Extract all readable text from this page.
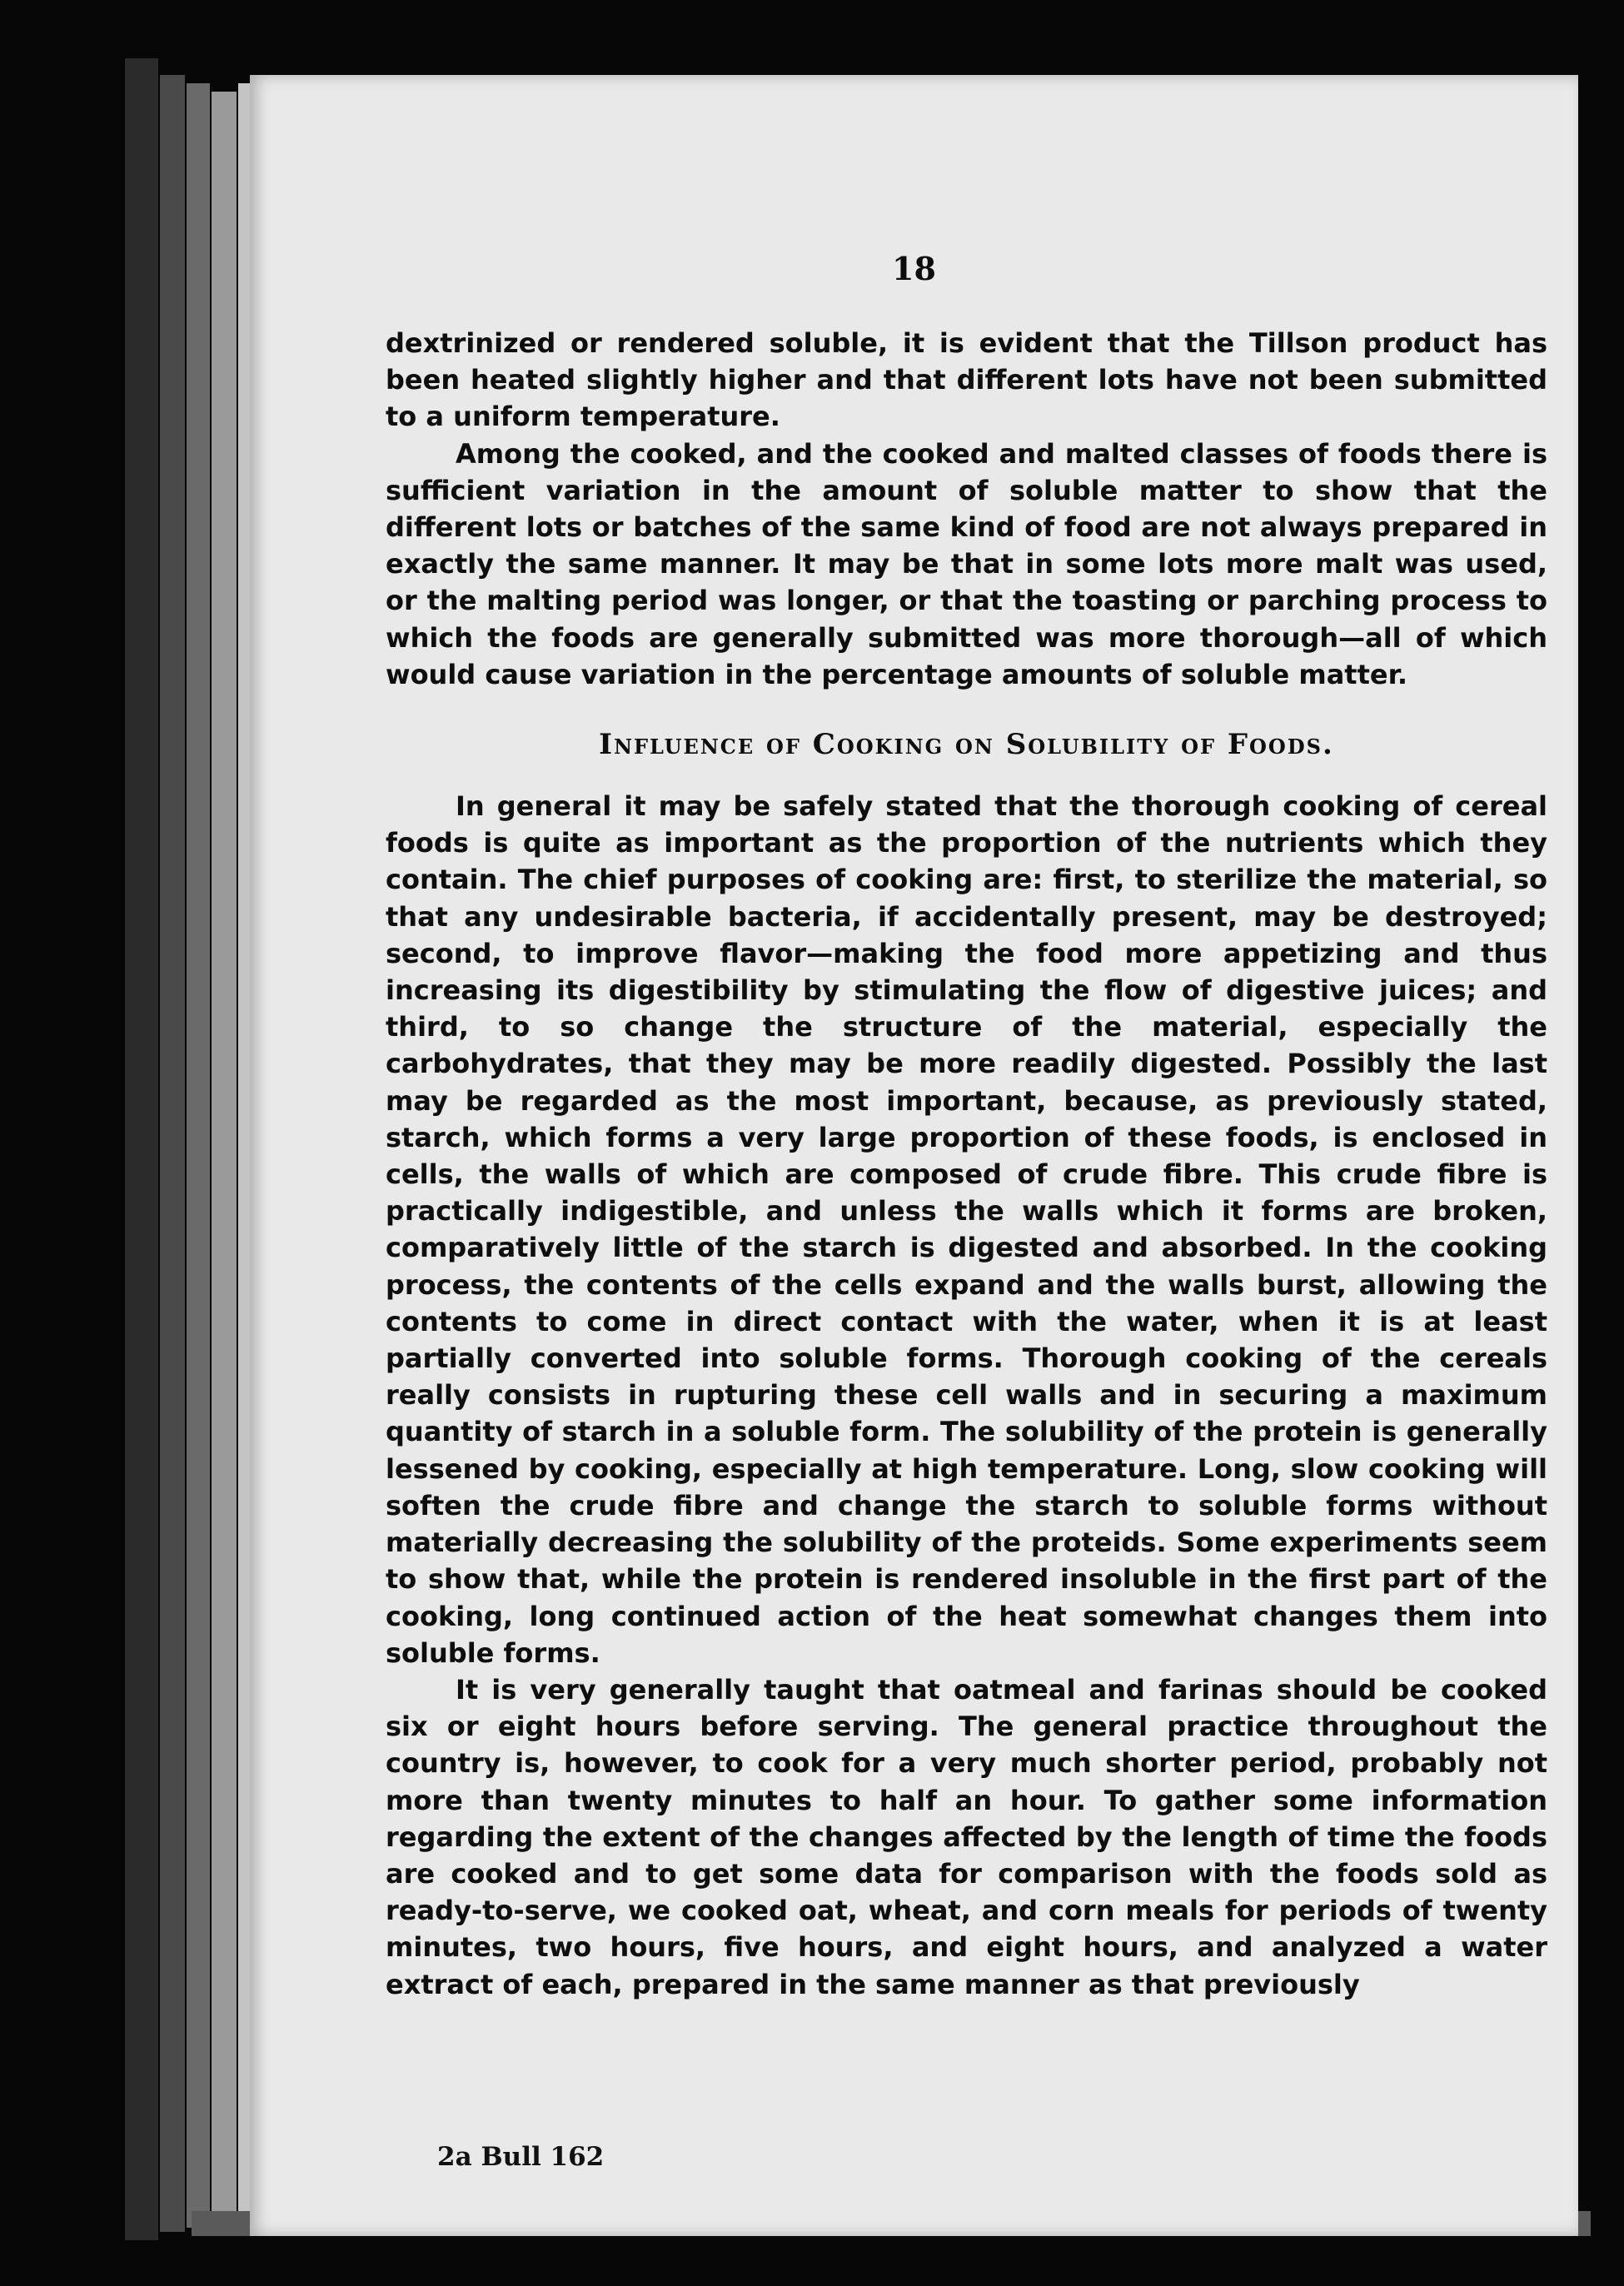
18

dextrinized or rendered soluble, it is evident that the Tillson product has been heated slightly higher and that different lots have not been submitted to a uniform temperature.

Among the cooked, and the cooked and malted classes of foods there is sufficient variation in the amount of soluble matter to show that the different lots or batches of the same kind of food are not always prepared in exactly the same manner. It may be that in some lots more malt was used, or the malting period was longer, or that the toasting or parching process to which the foods are generally submitted was more thorough—all of which would cause variation in the percentage amounts of soluble matter.

Influence of Cooking on Solubility of Foods.

In general it may be safely stated that the thorough cooking of cereal foods is quite as important as the proportion of the nutrients which they contain. The chief purposes of cooking are: first, to sterilize the material, so that any undesirable bacteria, if accidentally present, may be destroyed; second, to improve flavor—making the food more appetizing and thus increasing its digestibility by stimulating the flow of digestive juices; and third, to so change the structure of the material, especially the carbohydrates, that they may be more readily digested. Possibly the last may be regarded as the most important, because, as previously stated, starch, which forms a very large proportion of these foods, is enclosed in cells, the walls of which are composed of crude fibre. This crude fibre is practically indigestible, and unless the walls which it forms are broken, comparatively little of the starch is digested and absorbed. In the cooking process, the contents of the cells expand and the walls burst, allowing the contents to come in direct contact with the water, when it is at least partially converted into soluble forms. Thorough cooking of the cereals really consists in rupturing these cell walls and in securing a maximum quantity of starch in a soluble form. The solubility of the protein is generally lessened by cooking, especially at high temperature. Long, slow cooking will soften the crude fibre and change the starch to soluble forms without materially decreasing the solubility of the proteids. Some experiments seem to show that, while the protein is rendered insoluble in the first part of the cooking, long continued action of the heat somewhat changes them into soluble forms.

It is very generally taught that oatmeal and farinas should be cooked six or eight hours before serving. The general practice throughout the country is, however, to cook for a very much shorter period, probably not more than twenty minutes to half an hour. To gather some information regarding the extent of the changes affected by the length of time the foods are cooked and to get some data for comparison with the foods sold as ready-to-serve, we cooked oat, wheat, and corn meals for periods of twenty minutes, two hours, five hours, and eight hours, and analyzed a water extract of each, prepared in the same manner as that previously

2a Bull 162
